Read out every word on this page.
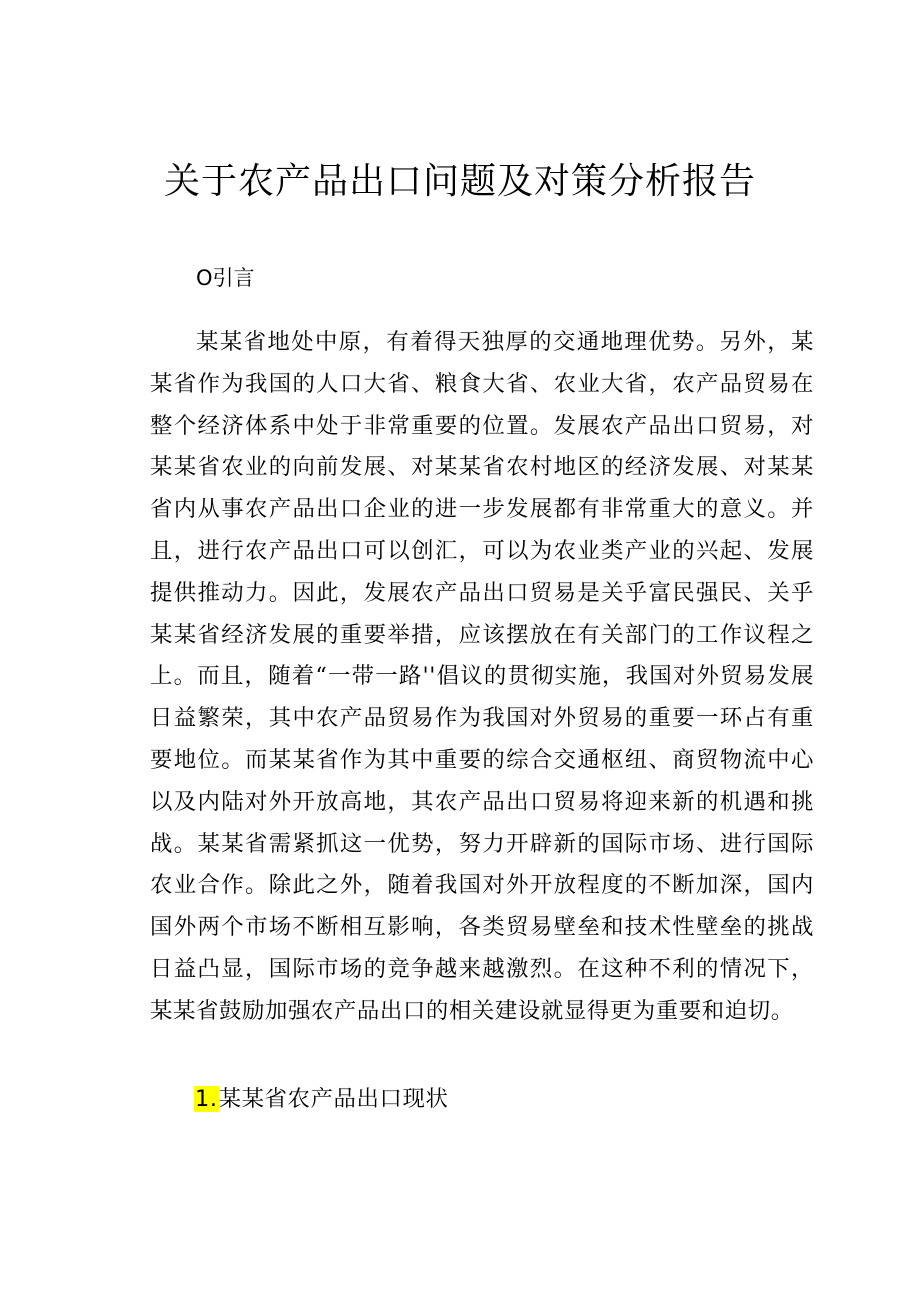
关于农产品出口问题及对策分析报告
O引言

某某省地处中原，有着得天独厚的交通地理优势。另外，某某省作为我国的人口大省、粮食大省、农业大省，农产品贸易在整个经济体系中处于非常重要的位置。发展农产品出口贸易，对某某省农业的向前发展、对某某省农村地区的经济发展、对某某省内从事农产品出口企业的进一步发展都有非常重大的意义。并且，进行农产品出口可以创汇，可以为农业类产业的兴起、发展提供推动力。因此，发展农产品出口贸易是关乎富民强民、关乎某某省经济发展的重要举措，应该摆放在有关部门的工作议程之上。而且，随着“一带一路''倡议的贯彻实施，我国对外贸易发展日益繁荣，其中农产品贸易作为我国对外贸易的重要一环占有重要地位。而某某省作为其中重要的综合交通枢纽、商贸物流中心以及内陆对外开放高地，其农产品出口贸易将迎来新的机遇和挑战。某某省需紧抓这一优势，努力开辟新的国际市场、进行国际农业合作。除此之外，随着我国对外开放程度的不断加深，国内国外两个市场不断相互影响，各类贸易壁垒和技术性壁垒的挑战日益凸显，国际市场的竞争越来越激烈。在这种不利的情况下，某某省鼓励加强农产品出口的相关建设就显得更为重要和迫切。

1.某某省农产品出口现状
